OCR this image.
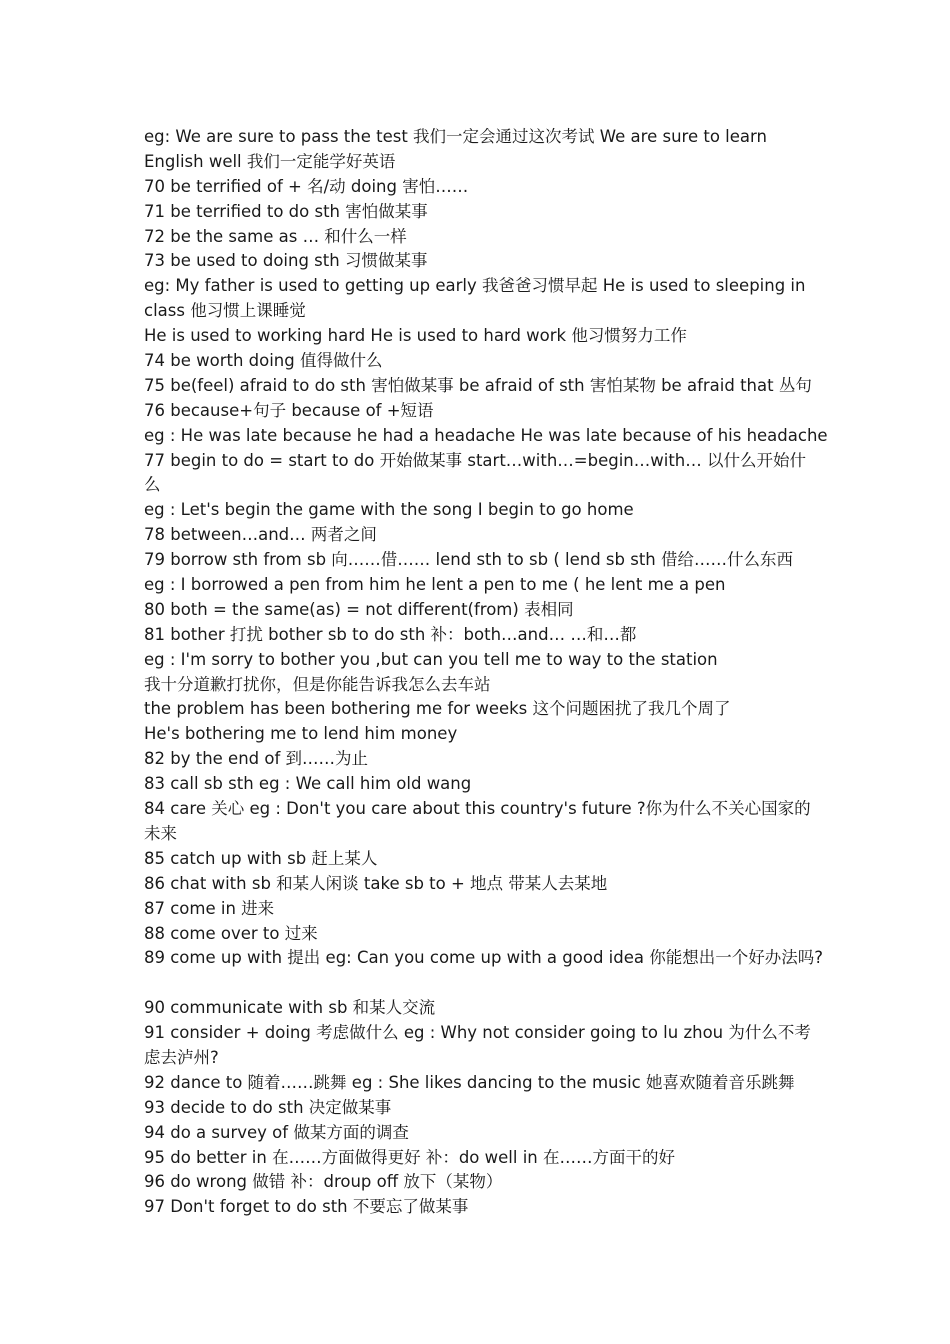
eg: We are sure to pass the test 我们一定会通过这次考试 We are sure to learn
English well 我们一定能学好英语
70 be terrified of + 名/动 doing 害怕……
71 be terrified to do sth 害怕做某事
72 be the same as … 和什么一样
73 be used to doing sth 习惯做某事
eg: My father is used to getting up early 我爸爸习惯早起 He is used to sleeping in
class 他习惯上课睡觉
He is used to working hard He is used to hard work 他习惯努力工作
74 be worth doing 值得做什么
75 be(feel) afraid to do sth 害怕做某事 be afraid of sth 害怕某物 be afraid that 丛句
76 because+句子 because of +短语
eg : He was late because he had a headache He was late because of his headache
77 begin to do = start to do 开始做某事 start…with…=begin…with… 以什么开始什
么
eg : Let's begin the game with the song I begin to go home
78 between…and… 两者之间
79 borrow sth from sb 向……借…… lend sth to sb ( lend sb sth 借给……什么东西
eg : I borrowed a pen from him he lent a pen to me ( he lent me a pen
80 both = the same(as) = not different(from) 表相同
81 bother 打扰 bother sb to do sth 补：both…and… …和…都
eg : I'm sorry to bother you ,but can you tell me to way to the station
我十分道歉打扰你，但是你能告诉我怎么去车站
the problem has been bothering me for weeks 这个问题困扰了我几个周了
He's bothering me to lend him money
82 by the end of 到……为止
83 call sb sth eg : We call him old wang
84 care 关心 eg : Don't you care about this country's future ?你为什么不关心国家的
未来
85 catch up with sb 赶上某人
86 chat with sb 和某人闲谈 take sb to + 地点 带某人去某地
87 come in 进来
88 come over to 过来
89 come up with 提出 eg: Can you come up with a good idea 你能想出一个好办法吗?
90 communicate with sb 和某人交流
91 consider + doing 考虑做什么 eg : Why not consider going to lu zhou 为什么不考
虑去泸州?
92 dance to 随着……跳舞 eg : She likes dancing to the music 她喜欢随着音乐跳舞
93 decide to do sth 决定做某事
94 do a survey of 做某方面的调查
95 do better in 在……方面做得更好 补：do well in 在……方面干的好
96 do wrong 做错 补：droup off 放下（某物）
97 Don't forget to do sth 不要忘了做某事
